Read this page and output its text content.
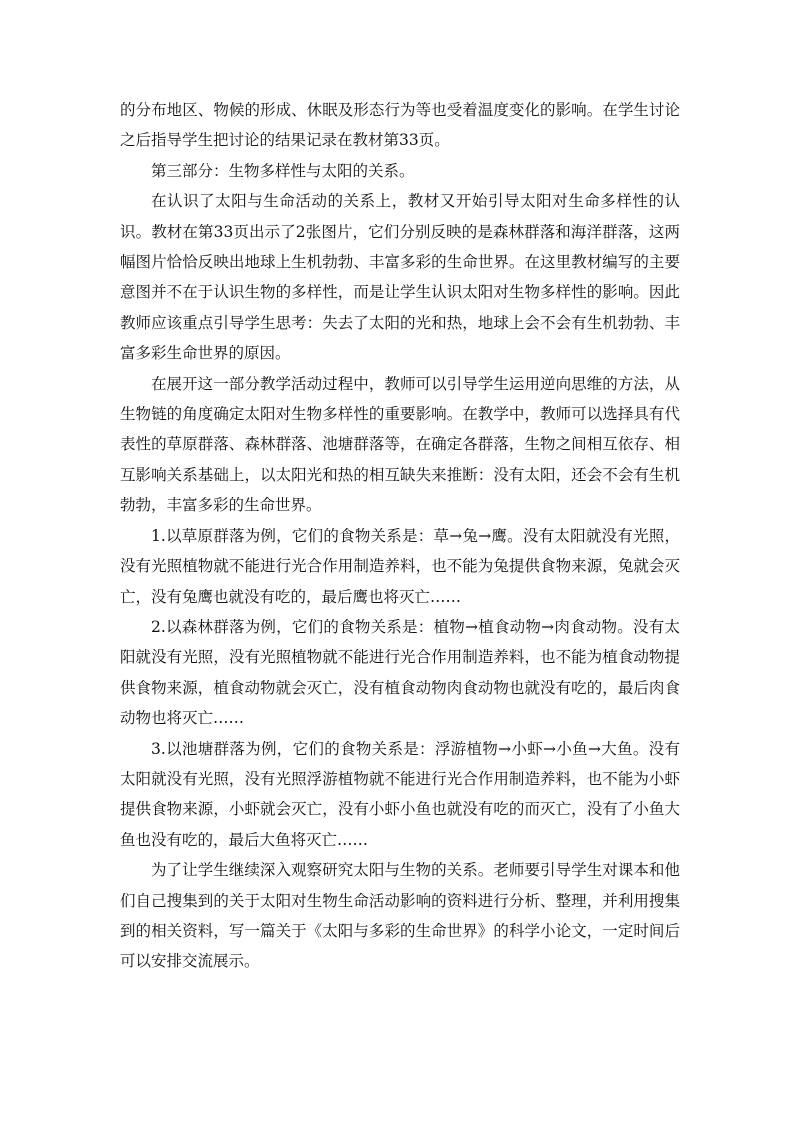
的分布地区、物候的形成、休眠及形态行为等也受着温度变化的影响。在学生讨论之后指导学生把讨论的结果记录在教材第33页。

第三部分：生物多样性与太阳的关系。

在认识了太阳与生命活动的关系上，教材又开始引导太阳对生命多样性的认识。教材在第33页出示了2张图片，它们分别反映的是森林群落和海洋群落，这两幅图片恰恰反映出地球上生机勃勃、丰富多彩的生命世界。在这里教材编写的主要意图并不在于认识生物的多样性，而是让学生认识太阳对生物多样性的影响。因此教师应该重点引导学生思考：失去了太阳的光和热，地球上会不会有生机勃勃、丰富多彩生命世界的原因。

在展开这一部分教学活动过程中，教师可以引导学生运用逆向思维的方法，从生物链的角度确定太阳对生物多样性的重要影响。在教学中，教师可以选择具有代表性的草原群落、森林群落、池塘群落等，在确定各群落，生物之间相互依存、相互影响关系基础上，以太阳光和热的相互缺失来推断：没有太阳，还会不会有生机勃勃，丰富多彩的生命世界。

1.以草原群落为例，它们的食物关系是：草→兔→鹰。没有太阳就没有光照，没有光照植物就不能进行光合作用制造养料，也不能为兔提供食物来源，兔就会灭亡，没有兔鹰也就没有吃的，最后鹰也将灭亡……

2.以森林群落为例，它们的食物关系是：植物→植食动物→肉食动物。没有太阳就没有光照，没有光照植物就不能进行光合作用制造养料，也不能为植食动物提供食物来源，植食动物就会灭亡，没有植食动物肉食动物也就没有吃的，最后肉食动物也将灭亡……

3.以池塘群落为例，它们的食物关系是：浮游植物→小虾→小鱼→大鱼。没有太阳就没有光照，没有光照浮游植物就不能进行光合作用制造养料，也不能为小虾提供食物来源，小虾就会灭亡，没有小虾小鱼也就没有吃的而灭亡，没有了小鱼大鱼也没有吃的，最后大鱼将灭亡……

为了让学生继续深入观察研究太阳与生物的关系。老师要引导学生对课本和他们自己搜集到的关于太阳对生物生命活动影响的资料进行分析、整理，并利用搜集到的相关资料，写一篇关于《太阳与多彩的生命世界》的科学小论文，一定时间后可以安排交流展示。
